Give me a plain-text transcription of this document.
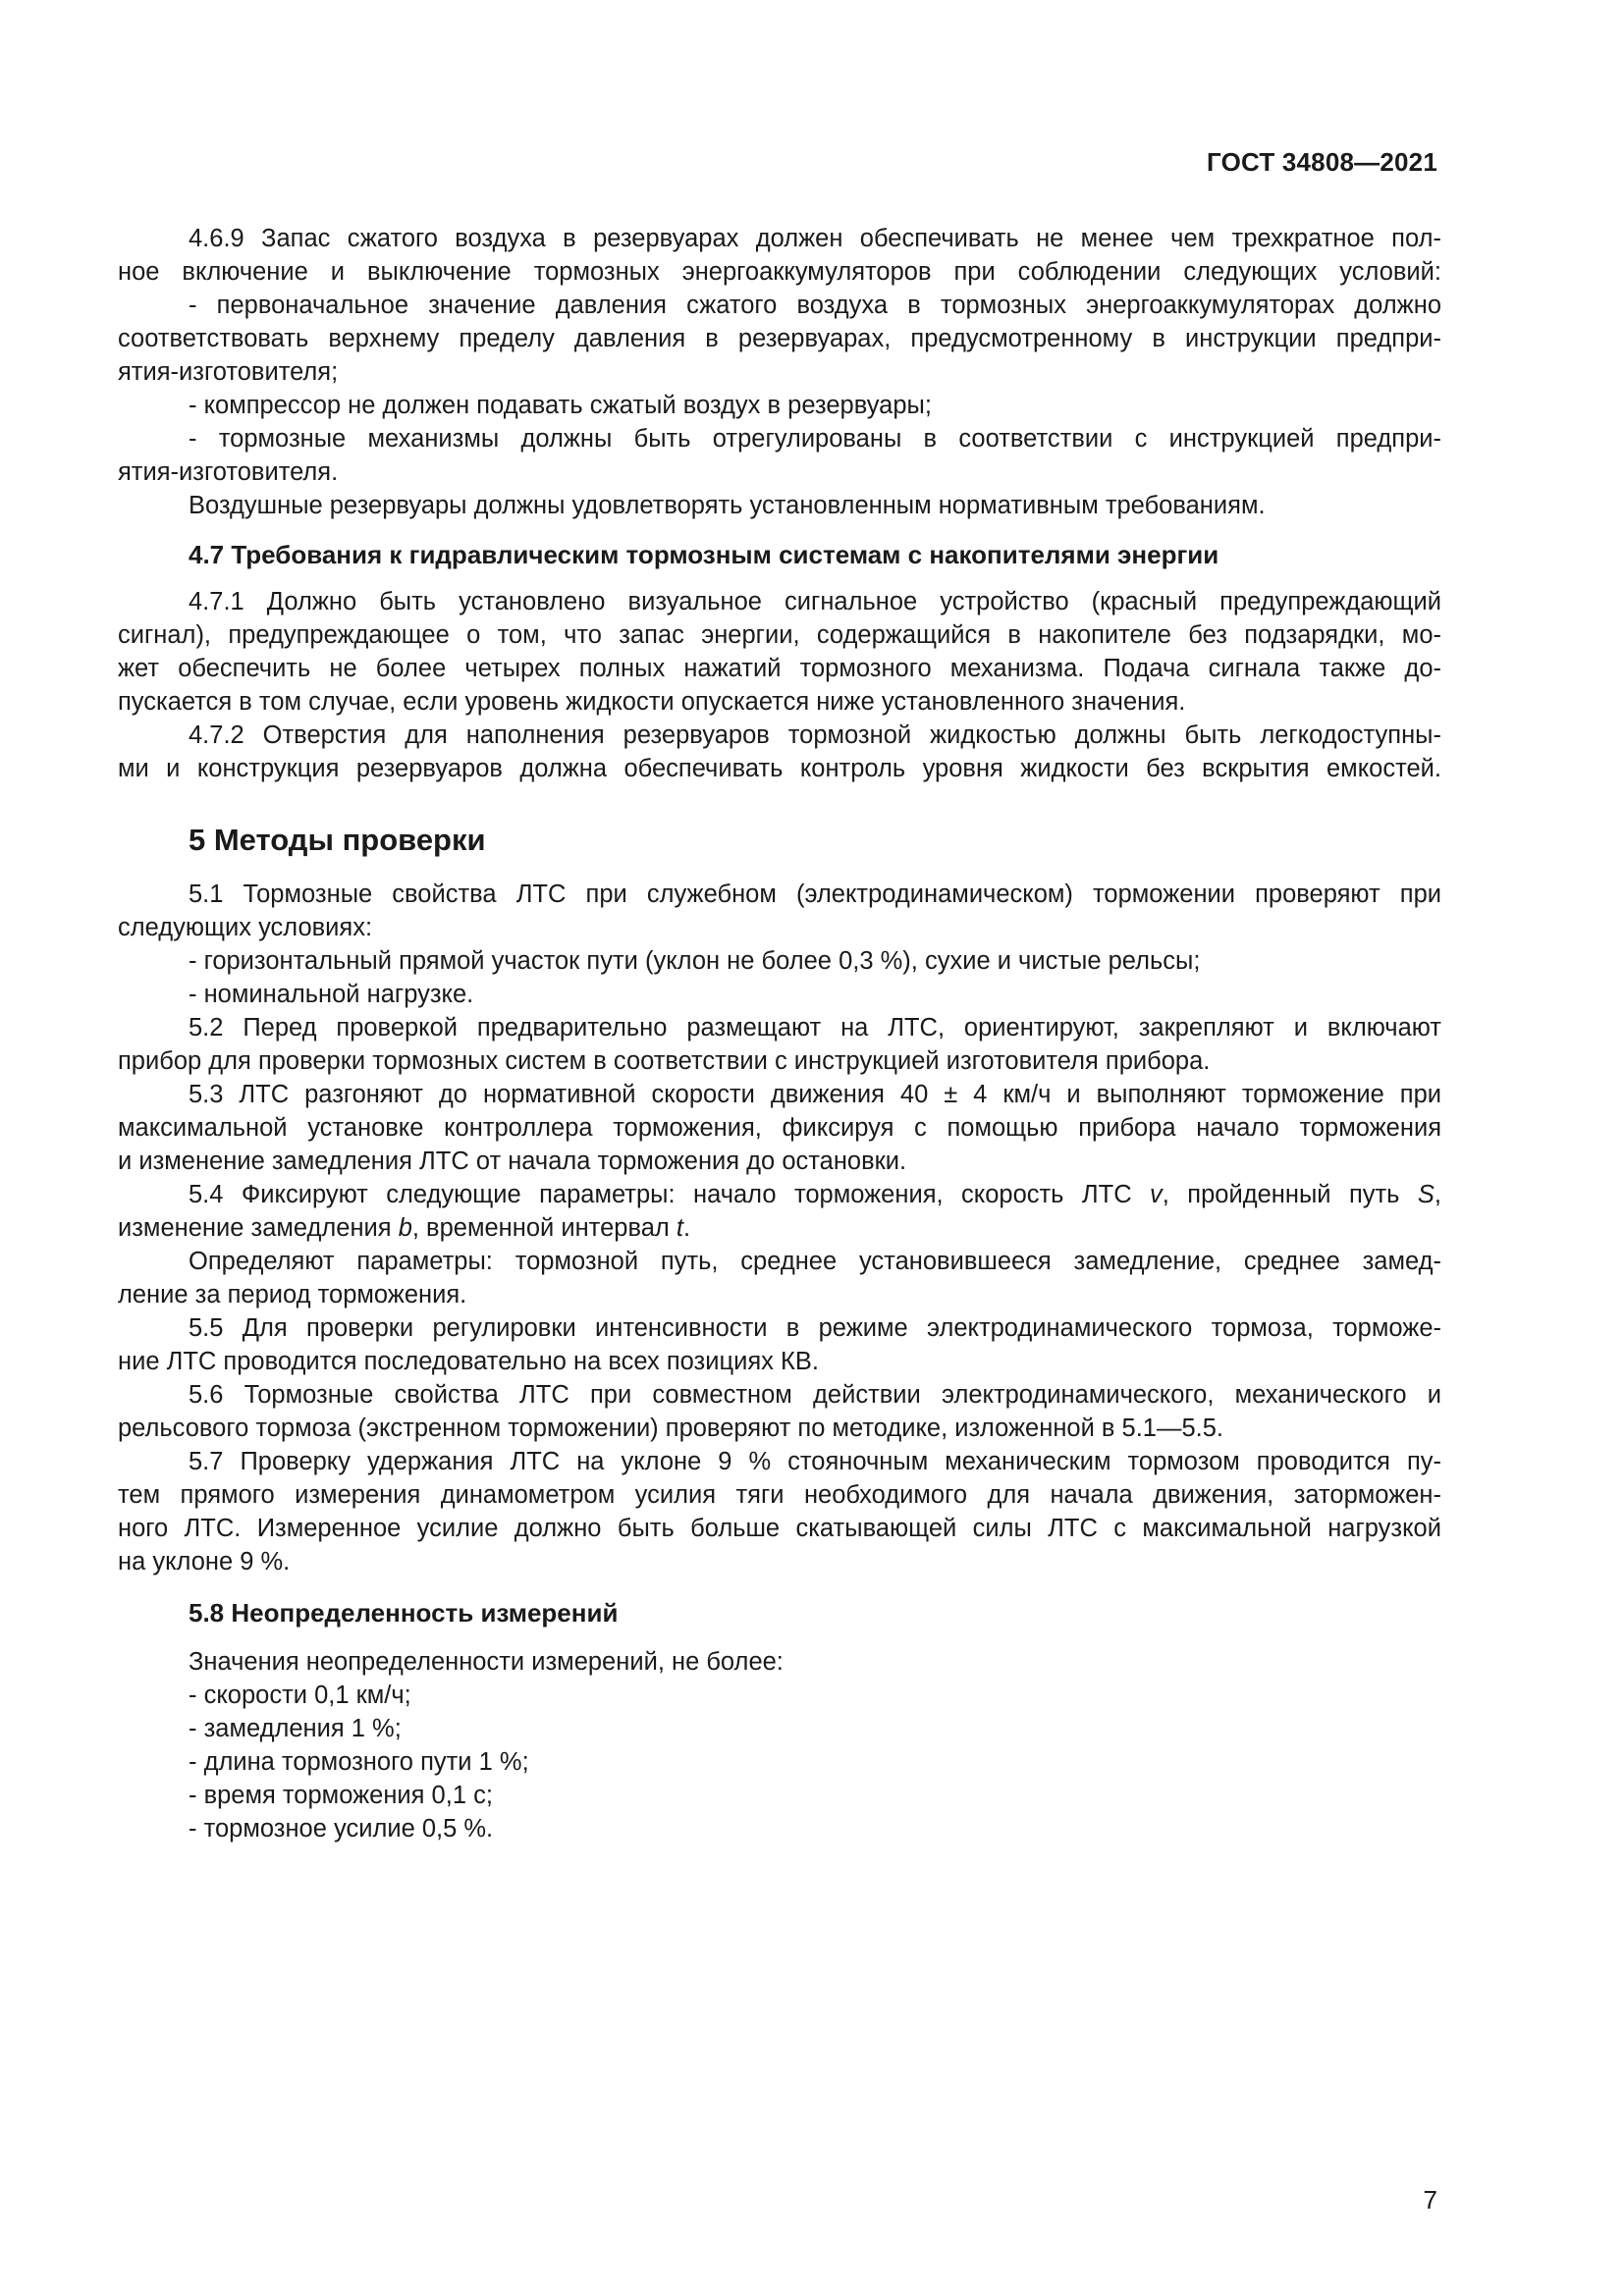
ГОСТ 34808—2021
4.6.9 Запас сжатого воздуха в резервуарах должен обеспечивать не менее чем трехкратное пол-
ное включение и выключение тормозных энергоаккумуляторов при соблюдении следующих условий:
- первоначальное значение давления сжатого воздуха в тормозных энергоаккумуляторах должно
соответствовать верхнему пределу давления в резервуарах, предусмотренному в инструкции предпри-
ятия-изготовителя;
- компрессор не должен подавать сжатый воздух в резервуары;
- тормозные механизмы должны быть отрегулированы в соответствии с инструкцией предпри-
ятия-изготовителя.
Воздушные резервуары должны удовлетворять установленным нормативным требованиям.
4.7 Требования к гидравлическим тормозным системам с накопителями энергии
4.7.1 Должно быть установлено визуальное сигнальное устройство (красный предупреждающий
сигнал), предупреждающее о том, что запас энергии, содержащийся в накопителе без подзарядки, мо-
жет обеспечить не более четырех полных нажатий тормозного механизма. Подача сигнала также до-
пускается в том случае, если уровень жидкости опускается ниже установленного значения.
4.7.2 Отверстия для наполнения резервуаров тормозной жидкостью должны быть легкодоступны-
ми и конструкция резервуаров должна обеспечивать контроль уровня жидкости без вскрытия емкостей.
5 Методы проверки
5.1 Тормозные свойства ЛТС при служебном (электродинамическом) торможении проверяют при
следующих условиях:
- горизонтальный прямой участок пути (уклон не более 0,3 %), сухие и чистые рельсы;
- номинальной нагрузке.
5.2 Перед проверкой предварительно размещают на ЛТС, ориентируют, закрепляют и включают
прибор для проверки тормозных систем в соответствии с инструкцией изготовителя прибора.
5.3 ЛТС разгоняют до нормативной скорости движения 40 ± 4 км/ч и выполняют торможение при
максимальной установке контроллера торможения, фиксируя с помощью прибора начало торможения
и изменение замедления ЛТС от начала торможения до остановки.
5.4 Фиксируют следующие параметры: начало торможения, скорость ЛТС v, пройденный путь S,
изменение замедления b, временной интервал t.
Определяют параметры: тормозной путь, среднее установившееся замедление, среднее замед-
ление за период торможения.
5.5 Для проверки регулировки интенсивности в режиме электродинамического тормоза, торможе-
ние ЛТС проводится последовательно на всех позициях КВ.
5.6 Тормозные свойства ЛТС при совместном действии электродинамического, механического и
рельсового тормоза (экстренном торможении) проверяют по методике, изложенной в 5.1—5.5.
5.7 Проверку удержания ЛТС на уклоне 9 % стояночным механическим тормозом проводится пу-
тем прямого измерения динамометром усилия тяги необходимого для начала движения, заторможен-
ного ЛТС. Измеренное усилие должно быть больше скатывающей силы ЛТС с максимальной нагрузкой
на уклоне 9 %.
5.8 Неопределенность измерений
Значения неопределенности измерений, не более:
- скорости 0,1 км/ч;
- замедления 1 %;
- длина тормозного пути 1 %;
- время торможения 0,1 с;
- тормозное усилие 0,5 %.
7
